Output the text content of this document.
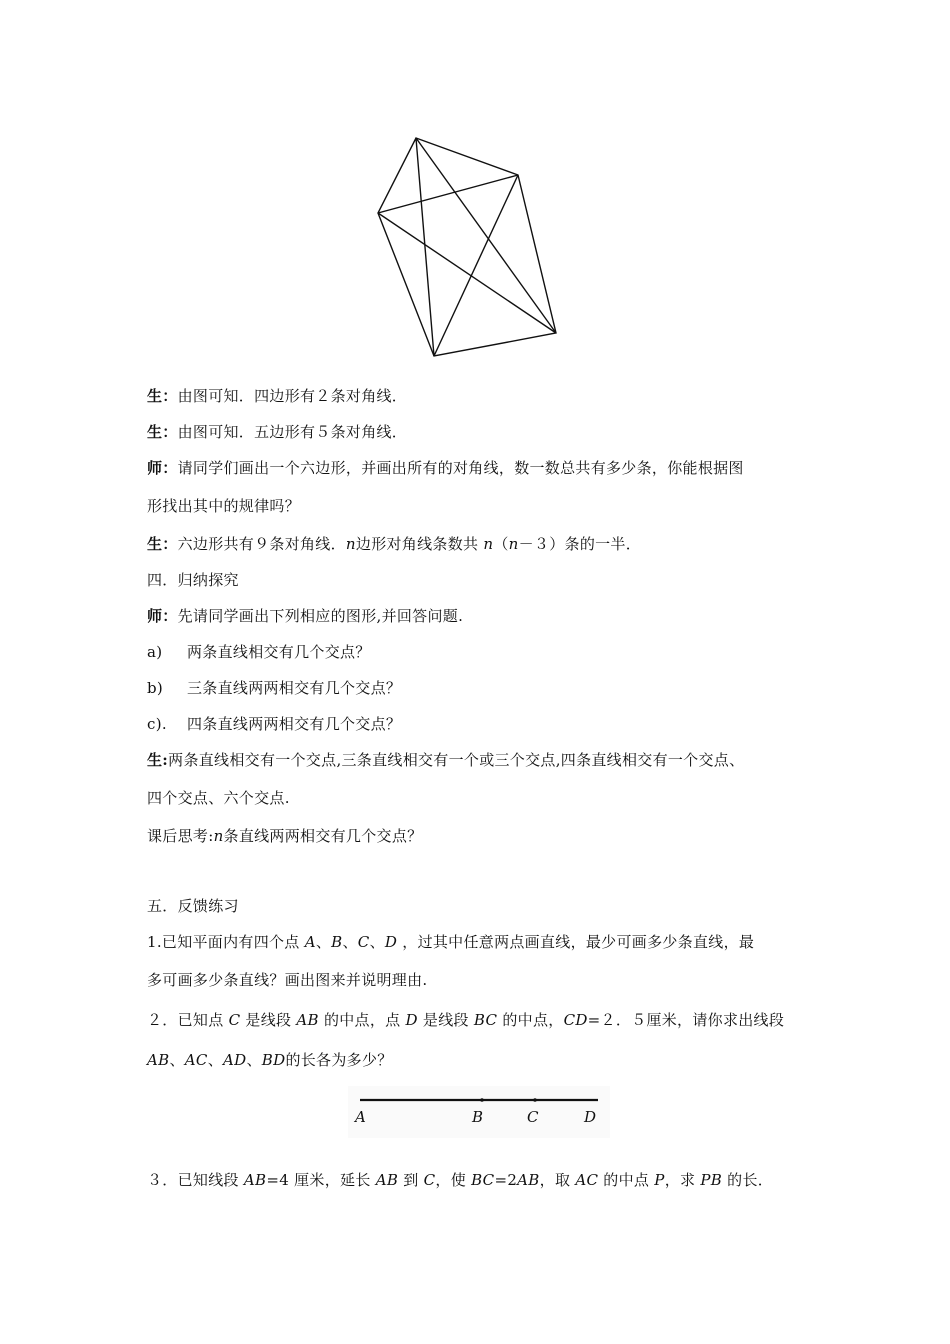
生：由图可知．四边形有２条对角线．
生：由图可知．五边形有５条对角线．
师：请同学们画出一个六边形，并画出所有的对角线，数一数总共有多少条，你能根据图
形找出其中的规律吗？
生：六边形共有９条对角线．n边形对角线条数共 n（n－３）条的一半．
四．归纳探究
师：先请同学画出下列相应的图形,并回答问题.
a) 两条直线相交有几个交点？
b) 三条直线两两相交有几个交点？
c). 四条直线两两相交有几个交点？
生:两条直线相交有一个交点,三条直线相交有一个或三个交点,四条直线相交有一个交点、
四个交点、六个交点.
课后思考:n条直线两两相交有几个交点？
五．反馈练习
1.已知平面内有四个点 A、B、C、D ，过其中任意两点画直线，最少可画多少条直线，最
多可画多少条直线？画出图来并说明理由.
２．已知点 C 是线段 AB 的中点，点 D 是线段 BC 的中点，CD=２．５厘米，请你求出线段
AB、AC、AD、BD的长各为多少？
A	B	C	D
３．已知线段 AB=4 厘米，延长 AB 到 C，使 BC=2AB，取 AC 的中点 P，求 PB 的长．
